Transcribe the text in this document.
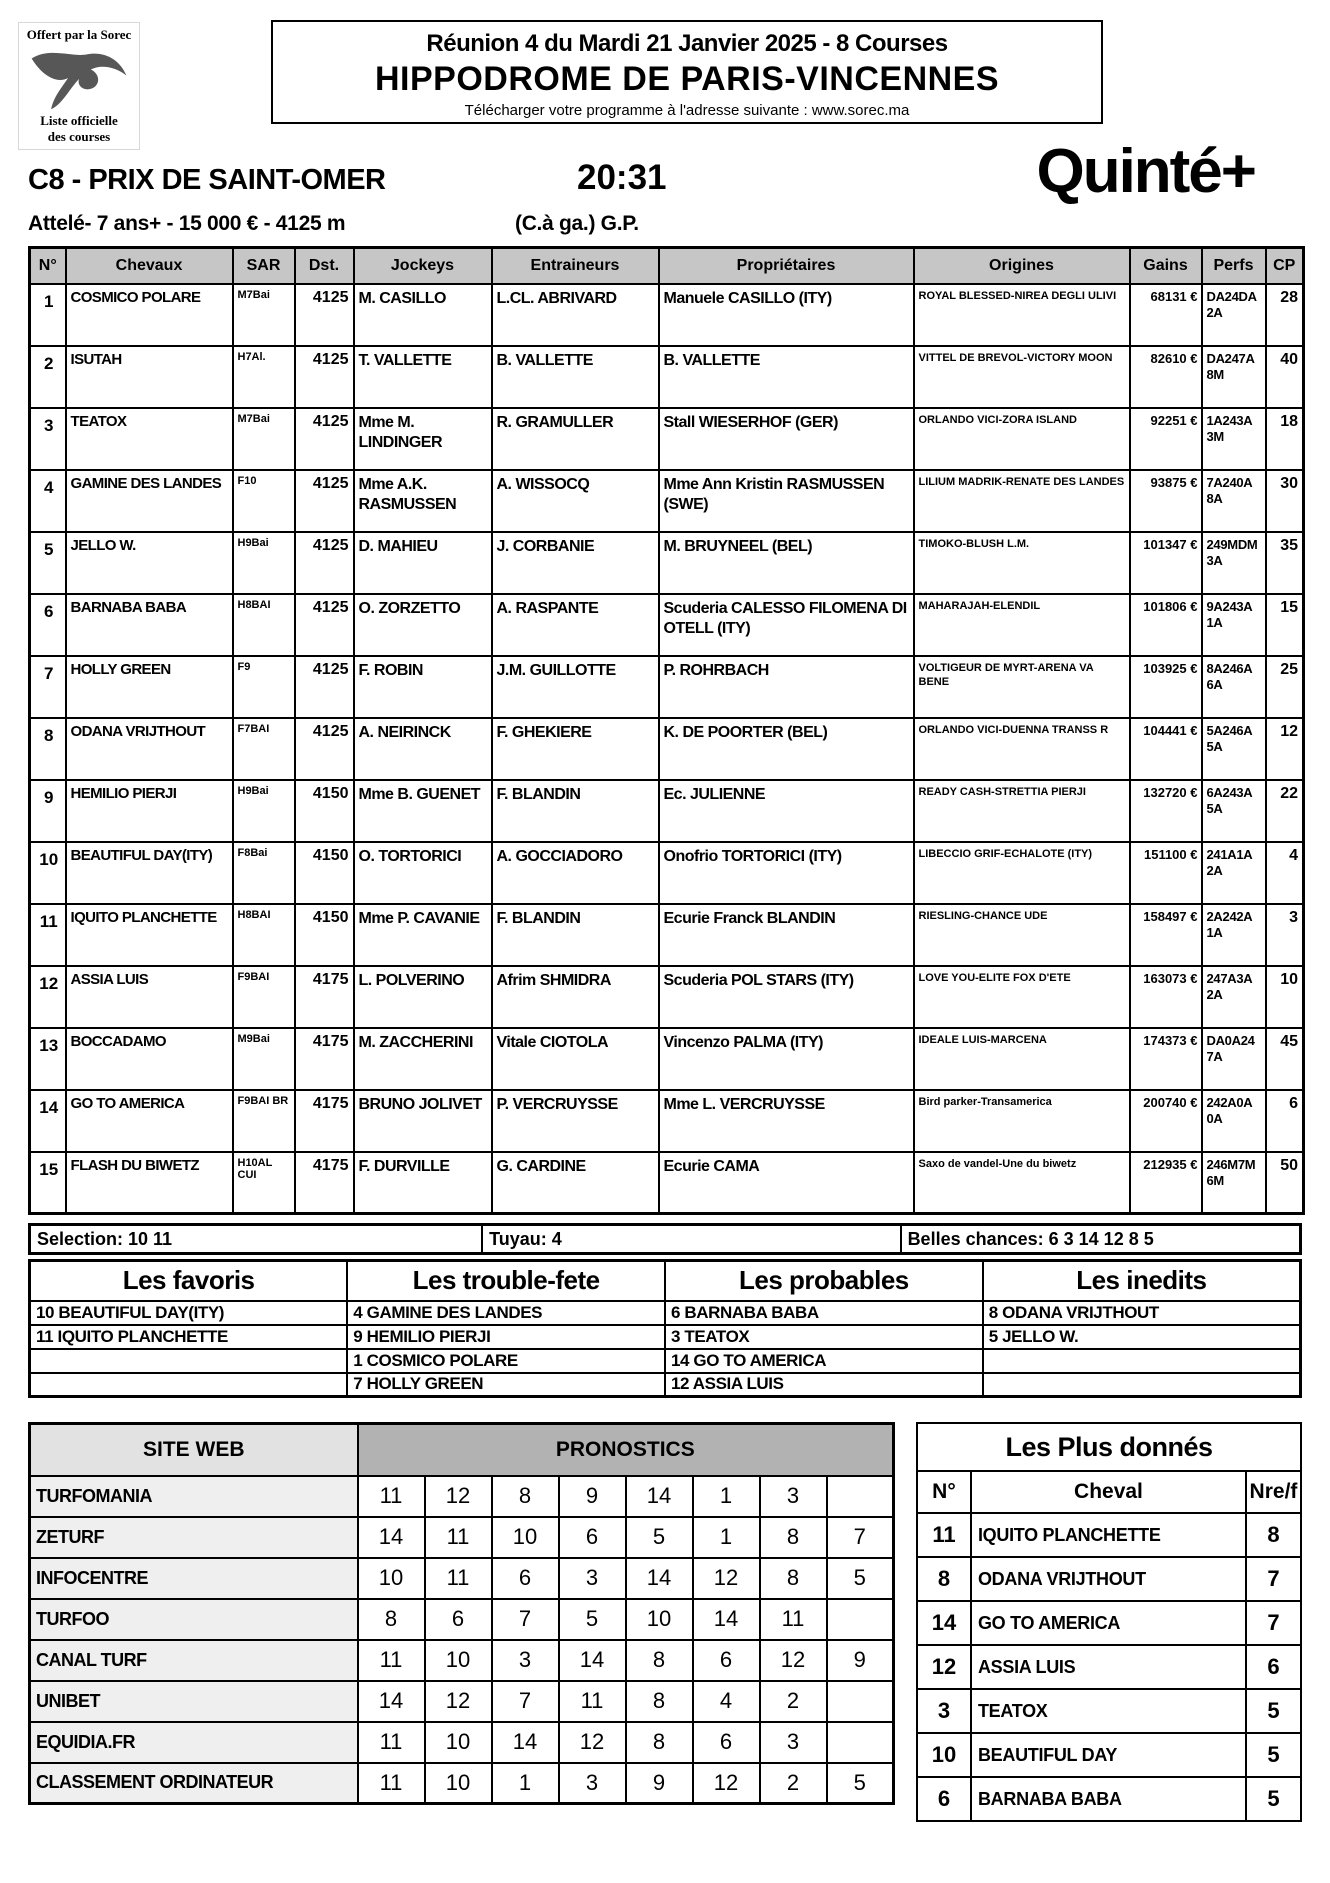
Offert par la Sorec
Liste officielle
des courses
Réunion 4 du Mardi 21 Janvier 2025 - 8 Courses
HIPPODROME DE PARIS-VINCENNES
Télécharger votre programme à l'adresse suivante : www.sorec.ma
C8 - PRIX DE SAINT-OMER	20:31	Quinté+
Attelé- 7 ans+ - 15 000 € - 4125 m	(C.à ga.) G.P.
N°	Chevaux	SAR	Dst.	Jockeys	Entraineurs	Propriétaires	Origines	Gains	Perfs	CP
1	COSMICO POLARE	M7Bai	4125	M. CASILLO	L.CL. ABRIVARD	Manuele CASILLO (ITY)	ROYAL BLESSED-NIREA DEGLI ULIVI	68131 €	DA24DA 2A	28
2	ISUTAH	H7Al.	4125	T. VALLETTE	B. VALLETTE	B. VALLETTE	VITTEL DE BREVOL-VICTORY MOON	82610 €	DA247A 8M	40
3	TEATOX	M7Bai	4125	Mme M. LINDINGER	R. GRAMULLER	Stall WIESERHOF (GER)	ORLANDO VICI-ZORA ISLAND	92251 €	1A243A 3M	18
4	GAMINE DES LANDES	F10	4125	Mme A.K. RASMUSSEN	A. WISSOCQ	Mme Ann Kristin RASMUSSEN (SWE)	LILIUM MADRIK-RENATE DES LANDES	93875 €	7A240A 8A	30
5	JELLO W.	H9Bai	4125	D. MAHIEU	J. CORBANIE	M. BRUYNEEL (BEL)	TIMOKO-BLUSH L.M.	101347 €	249MDM 3A	35
6	BARNABA BABA	H8BAI	4125	O. ZORZETTO	A. RASPANTE	Scuderia CALESSO FILOMENA DI OTELL (ITY)	MAHARAJAH-ELENDIL	101806 €	9A243A 1A	15
7	HOLLY GREEN	F9	4125	F. ROBIN	J.M. GUILLOTTE	P. ROHRBACH	VOLTIGEUR DE MYRT-ARENA VA BENE	103925 €	8A246A 6A	25
8	ODANA VRIJTHOUT	F7BAI	4125	A. NEIRINCK	F. GHEKIERE	K. DE POORTER (BEL)	ORLANDO VICI-DUENNA TRANSS R	104441 €	5A246A 5A	12
9	HEMILIO PIERJI	H9Bai	4150	Mme B. GUENET	F. BLANDIN	Ec. JULIENNE	READY CASH-STRETTIA PIERJI	132720 €	6A243A 5A	22
10	BEAUTIFUL DAY(ITY)	F8Bai	4150	O. TORTORICI	A. GOCCIADORO	Onofrio TORTORICI (ITY)	LIBECCIO GRIF-ECHALOTE (ITY)	151100 €	241A1A 2A	4
11	IQUITO PLANCHETTE	H8BAI	4150	Mme P. CAVANIE	F. BLANDIN	Ecurie Franck BLANDIN	RIESLING-CHANCE UDE	158497 €	2A242A 1A	3
12	ASSIA LUIS	F9BAI	4175	L. POLVERINO	Afrim SHMIDRA	Scuderia POL STARS (ITY)	LOVE YOU-ELITE FOX D'ETE	163073 €	247A3A 2A	10
13	BOCCADAMO	M9Bai	4175	M. ZACCHERINI	Vitale CIOTOLA	Vincenzo PALMA (ITY)	IDEALE LUIS-MARCENA	174373 €	DA0A24 7A	45
14	GO TO AMERICA	F9BAI BR	4175	BRUNO JOLIVET	P. VERCRUYSSE	Mme L. VERCRUYSSE	Bird parker-Transamerica	200740 €	242A0A 0A	6
15	FLASH DU BIWETZ	H10AL CUI	4175	F. DURVILLE	G. CARDINE	Ecurie CAMA	Saxo de vandel-Une du biwetz	212935 €	246M7M 6M	50
Selection: 10 11	Tuyau: 4	Belles chances: 6 3 14 12 8 5
Les favoris	Les trouble-fete	Les probables	Les inedits
10 BEAUTIFUL DAY(ITY)	4 GAMINE DES LANDES	6 BARNABA BABA	8 ODANA VRIJTHOUT
11 IQUITO PLANCHETTE	9 HEMILIO PIERJI	3 TEATOX	5 JELLO W.
	1 COSMICO POLARE	14 GO TO AMERICA	
	7 HOLLY GREEN	12 ASSIA LUIS	
SITE WEB	PRONOSTICS							
TURFOMANIA	11	12	8	9	14	1	3	
ZETURF	14	11	10	6	5	1	8	7
INFOCENTRE	10	11	6	3	14	12	8	5
TURFOO	8	6	7	5	10	14	11	
CANAL TURF	11	10	3	14	8	6	12	9
UNIBET	14	12	7	11	8	4	2	
EQUIDIA.FR	11	10	14	12	8	6	3	
CLASSEMENT ORDINATEUR	11	10	1	3	9	12	2	5
Les Plus donnés		
N°	Cheval	Nre/f
11	IQUITO PLANCHETTE	8
8	ODANA VRIJTHOUT	7
14	GO TO AMERICA	7
12	ASSIA LUIS	6
3	TEATOX	5
10	BEAUTIFUL DAY	5
6	BARNABA BABA	5
